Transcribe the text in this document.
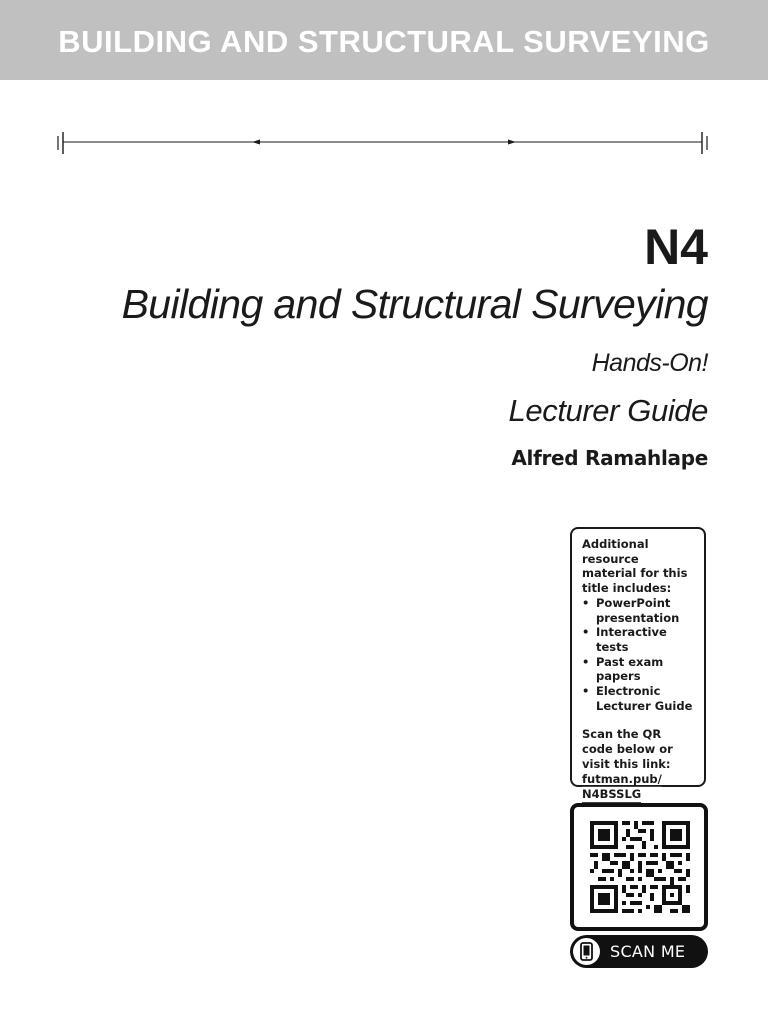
BUILDING AND STRUCTURAL SURVEYING
N4
Building and Structural Surveying
Hands-On!
Lecturer Guide
Alfred Ramahlape

Additional resource material for this title includes:

• PowerPoint presentation
• Interactive tests
• Past exam papers
• Electronic Lecturer Guide

Scan the QR code below or visit this link: futman.pub/
N4BSSLG

SCAN ME
